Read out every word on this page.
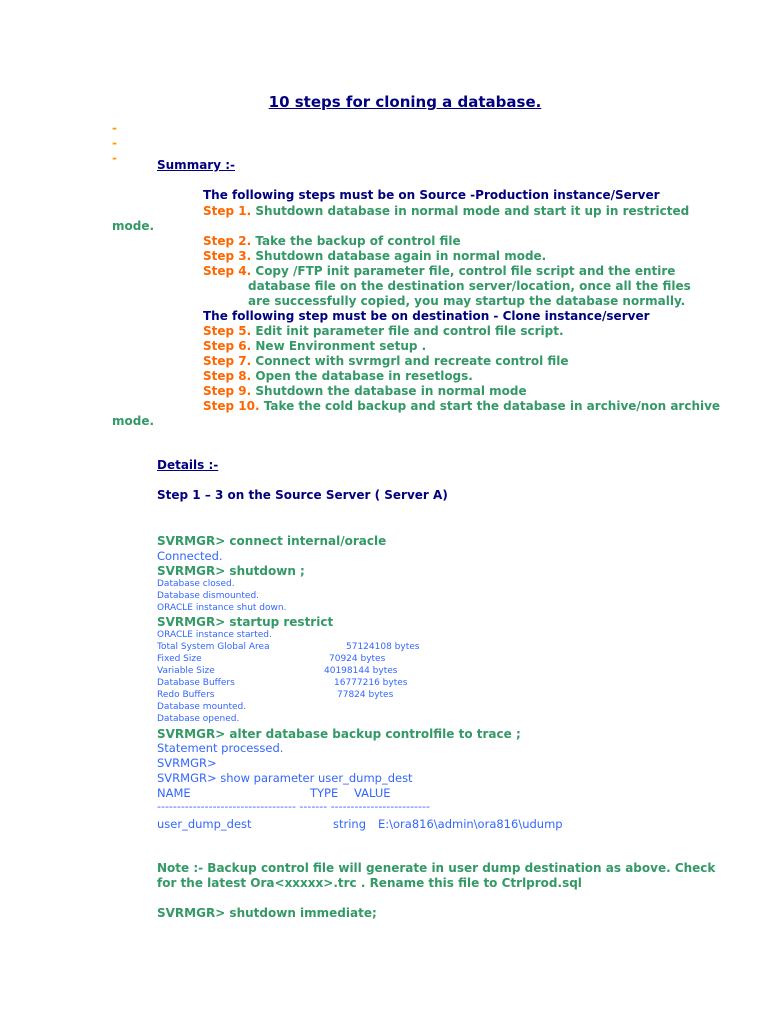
10 steps for cloning a database.
-
-
-	Summary :-
The following steps must be on Source -Production instance/Server
Step 1. Shutdown database in normal mode and start it up in restricted
mode.
Step 2. Take the backup of control file
Step 3. Shutdown database again in normal mode.
Step 4. Copy /FTP init parameter file, control file script and the entire
database file on the destination server/location, once all the files
are successfully copied, you may startup the database normally.
The following step must be on destination - Clone instance/server
Step 5. Edit init parameter file and control file script.
Step 6. New Environment setup .
Step 7. Connect with svrmgrl and recreate control file
Step 8. Open the database in resetlogs.
Step 9. Shutdown the database in normal mode
Step 10. Take the cold backup and start the database in archive/non archive
mode.
Details :-
Step 1 – 3 on the Source Server ( Server A)
SVRMGR> connect internal/oracle
Connected.
SVRMGR> shutdown ;
Database closed.
Database dismounted.
ORACLE instance shut down.
SVRMGR> startup restrict
ORACLE instance started.
Total System Global Area	57124108 bytes
Fixed Size	70924 bytes
Variable Size	40198144 bytes
Database Buffers	16777216 bytes
Redo Buffers	77824 bytes
Database mounted.
Database opened.
SVRMGR> alter database backup controlfile to trace ;
Statement processed.
SVRMGR>
SVRMGR> show parameter user_dump_dest
NAME	TYPE VALUE
----------------------------------- ------- -------------------------
user_dump_dest	string E:\ora816\admin\ora816\udump
Note :- Backup control file will generate in user dump destination as above. Check
for the latest Ora<xxxxx>.trc . Rename this file to Ctrlprod.sql
SVRMGR> shutdown immediate;
